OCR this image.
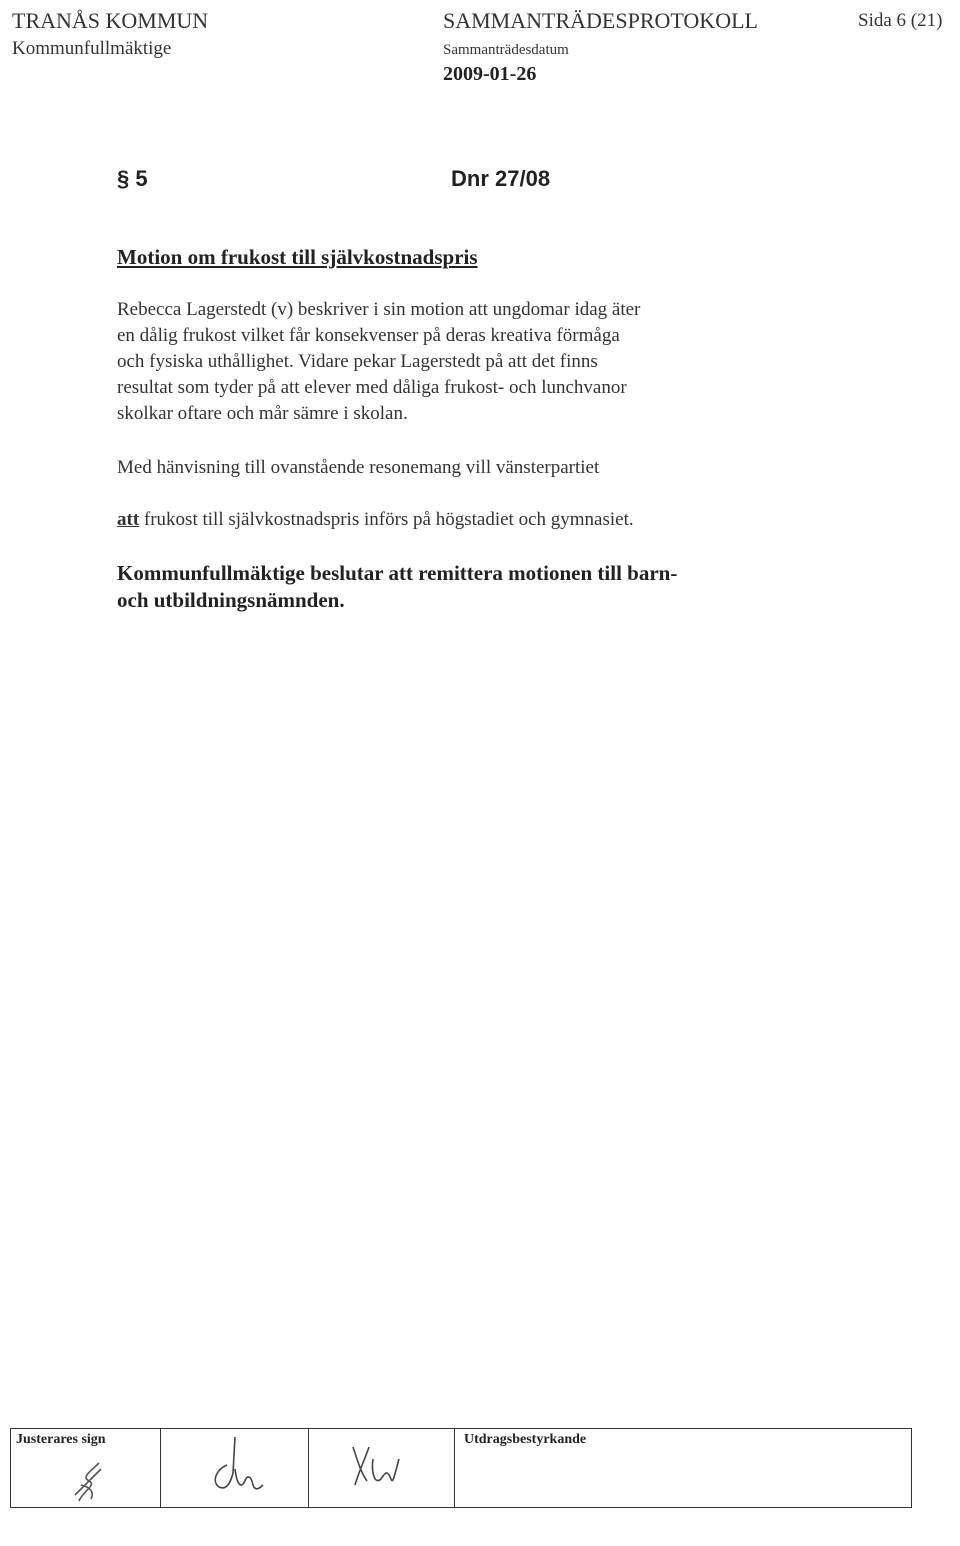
TRANÅS KOMMUN
Kommunfullmäktige
SAMMANTRÄDESPROTOKOLL
Sammanträdesdatum
2009-01-26
Sida 6 (21)
§ 5	Dnr 27/08
Motion om frukost till självkostnadspris
Rebecca Lagerstedt (v) beskriver i sin motion att ungdomar idag äter
en dålig frukost vilket får konsekvenser på deras kreativa förmåga
och fysiska uthållighet. Vidare pekar Lagerstedt på att det finns
resultat som tyder på att elever med dåliga frukost- och lunchvanor
skolkar oftare och mår sämre i skolan.
Med hänvisning till ovanstående resonemang vill vänsterpartiet
att frukost till självkostnadspris införs på högstadiet och gymnasiet.
Kommunfullmäktige beslutar att remittera motionen till barn-
och utbildningsnämnden.
Justerares sign	Utdragsbestyrkande
